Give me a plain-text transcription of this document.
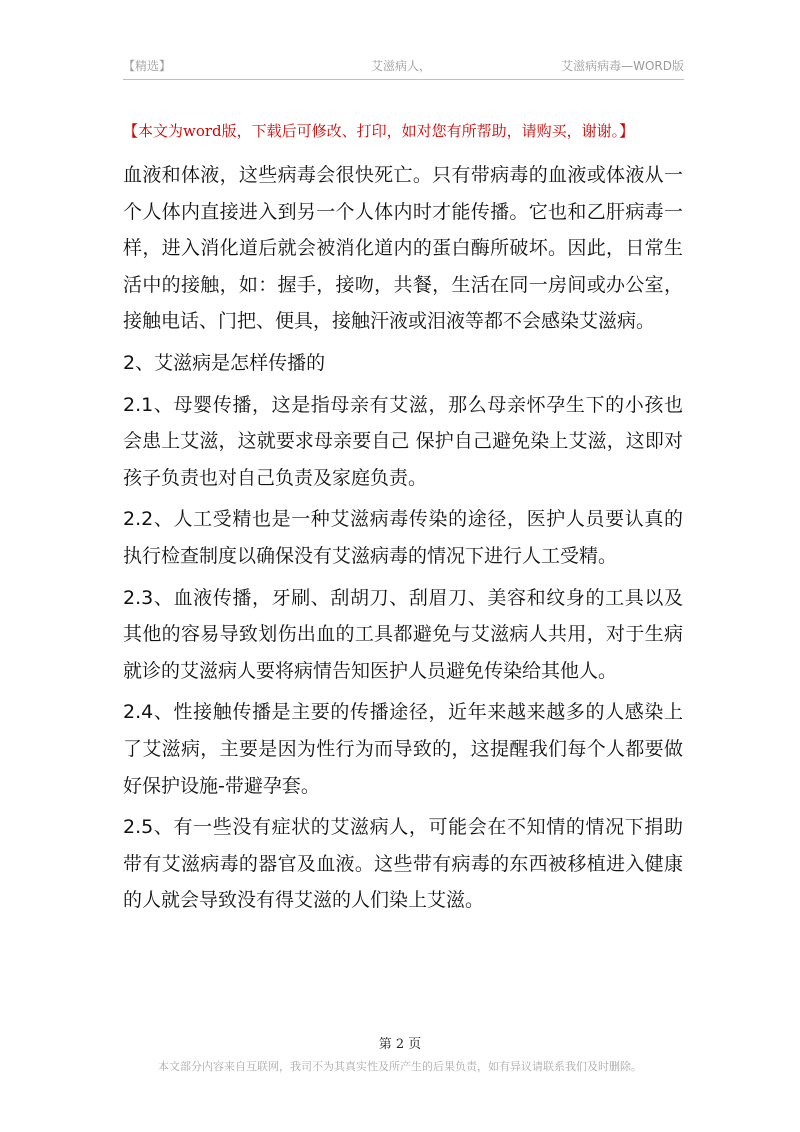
【精选】	艾滋病人，	艾滋病病毒—WORD版
【本文为word版，下载后可修改、打印，如对您有所帮助，请购买，谢谢。】

血液和体液，这些病毒会很快死亡。只有带病毒的血液或体液从一个人体内直接进入到另一个人体内时才能传播。它也和乙肝病毒一样，进入消化道后就会被消化道内的蛋白酶所破坏。因此，日常生活中的接触，如：握手，接吻，共餐，生活在同一房间或办公室，接触电话、门把、便具，接触汗液或泪液等都不会感染艾滋病。

2、艾滋病是怎样传播的

2.1、母婴传播，这是指母亲有艾滋，那么母亲怀孕生下的小孩也会患上艾滋，这就要求母亲要自己 保护自己避免染上艾滋，这即对孩子负责也对自己负责及家庭负责。

2.2、人工受精也是一种艾滋病毒传染的途径，医护人员要认真的执行检查制度以确保没有艾滋病毒的情况下进行人工受精。

2.3、血液传播，牙刷、刮胡刀、刮眉刀、美容和纹身的工具以及其他的容易导致划伤出血的工具都避免与艾滋病人共用，对于生病就诊的艾滋病人要将病情告知医护人员避免传染给其他人。

2.4、性接触传播是主要的传播途径，近年来越来越多的人感染上了艾滋病，主要是因为性行为而导致的，这提醒我们每个人都要做好保护设施-带避孕套。

2.5、有一些没有症状的艾滋病人，可能会在不知情的情况下捐助带有艾滋病毒的器官及血液。这些带有病毒的东西被移植进入健康的人就会导致没有得艾滋的人们染上艾滋。

第 2 页
本文部分内容来自互联网，我司不为其真实性及所产生的后果负责，如有异议请联系我们及时删除。
